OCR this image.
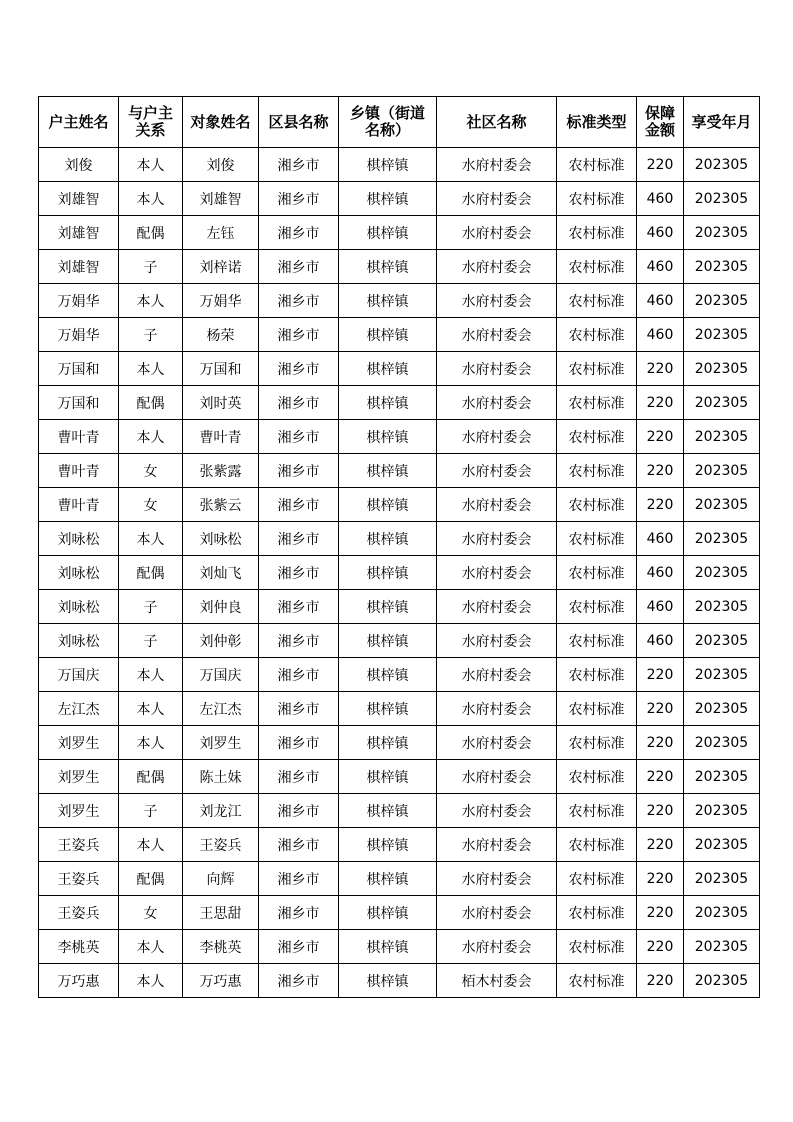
户主姓名	与户主关系	对象姓名	区县名称	乡镇（街道名称）	社区名称	标准类型	保障金额	享受年月
刘俊	本人	刘俊	湘乡市	棋梓镇	水府村委会	农村标准	220	202305
刘雄智	本人	刘雄智	湘乡市	棋梓镇	水府村委会	农村标准	460	202305
刘雄智	配偶	左钰	湘乡市	棋梓镇	水府村委会	农村标准	460	202305
刘雄智	子	刘梓诺	湘乡市	棋梓镇	水府村委会	农村标准	460	202305
万娟华	本人	万娟华	湘乡市	棋梓镇	水府村委会	农村标准	460	202305
万娟华	子	杨荣	湘乡市	棋梓镇	水府村委会	农村标准	460	202305
万国和	本人	万国和	湘乡市	棋梓镇	水府村委会	农村标准	220	202305
万国和	配偶	刘时英	湘乡市	棋梓镇	水府村委会	农村标准	220	202305
曹叶青	本人	曹叶青	湘乡市	棋梓镇	水府村委会	农村标准	220	202305
曹叶青	女	张紫露	湘乡市	棋梓镇	水府村委会	农村标准	220	202305
曹叶青	女	张紫云	湘乡市	棋梓镇	水府村委会	农村标准	220	202305
刘咏松	本人	刘咏松	湘乡市	棋梓镇	水府村委会	农村标准	460	202305
刘咏松	配偶	刘灿飞	湘乡市	棋梓镇	水府村委会	农村标准	460	202305
刘咏松	子	刘仲良	湘乡市	棋梓镇	水府村委会	农村标准	460	202305
刘咏松	子	刘仲彰	湘乡市	棋梓镇	水府村委会	农村标准	460	202305
万国庆	本人	万国庆	湘乡市	棋梓镇	水府村委会	农村标准	220	202305
左江杰	本人	左江杰	湘乡市	棋梓镇	水府村委会	农村标准	220	202305
刘罗生	本人	刘罗生	湘乡市	棋梓镇	水府村委会	农村标准	220	202305
刘罗生	配偶	陈土妹	湘乡市	棋梓镇	水府村委会	农村标准	220	202305
刘罗生	子	刘龙江	湘乡市	棋梓镇	水府村委会	农村标准	220	202305
王姿兵	本人	王姿兵	湘乡市	棋梓镇	水府村委会	农村标准	220	202305
王姿兵	配偶	向辉	湘乡市	棋梓镇	水府村委会	农村标准	220	202305
王姿兵	女	王思甜	湘乡市	棋梓镇	水府村委会	农村标准	220	202305
李桃英	本人	李桃英	湘乡市	棋梓镇	水府村委会	农村标准	220	202305
万巧惠	本人	万巧惠	湘乡市	棋梓镇	栢木村委会	农村标准	220	202305
